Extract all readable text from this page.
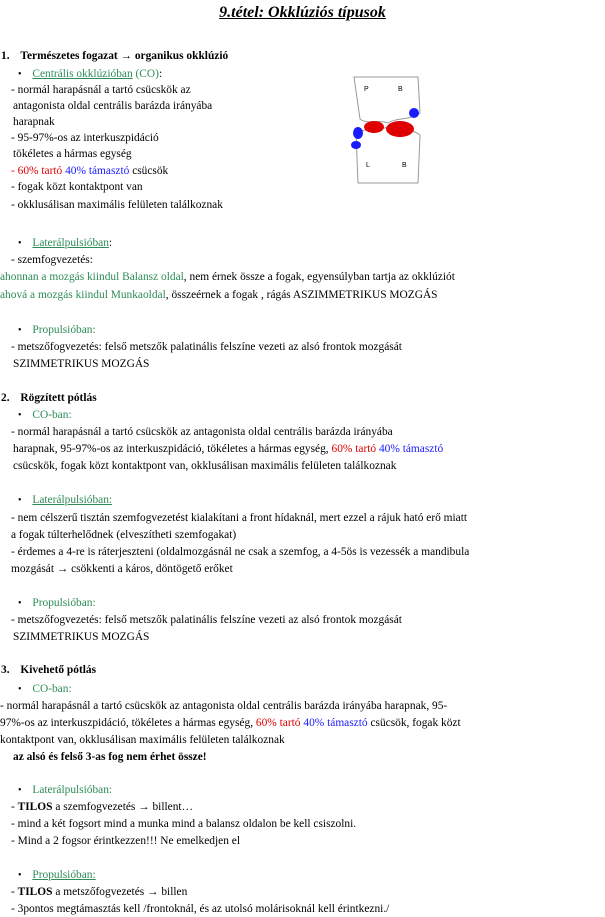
9.tétel: Okklúziós típusok
1. Természetes fogazat → organikus okklúzió
• Centrális okklúzióban (CO):
- normál harapásnál a tartó csücskök az
antagonista oldal centrális barázda irányába
harapnak
- 95-97%-os az interkuszpidáció
tökéletes a hármas egység
- 60% tartó 40% támasztó csücsök
- fogak közt kontaktpont van
- okklusálisan maximális felületen találkoznak
P	B
L	B
• Laterálpulsióban:
- szemfogvezetés:
ahonnan a mozgás kiindul Balansz oldal, nem érnek össze a fogak, egyensúlyban tartja az okklúziót
ahová a mozgás kiindul Munkaoldal, összeérnek a fogak , rágás ASZIMMETRIKUS MOZGÁS
• Propulsióban:
- metszőfogvezetés: felső metszők palatinális felszíne vezeti az alsó frontok mozgását
SZIMMETRIKUS MOZGÁS
2. Rögzített pótlás
• CO-ban:
- normál harapásnál a tartó csücskök az antagonista oldal centrális barázda irányába
harapnak, 95-97%-os az interkuszpidáció, tökéletes a hármas egység, 60% tartó 40% támasztó
csücskök, fogak közt kontaktpont van, okklusálisan maximális felületen találkoznak
• Laterálpulsióban:
- nem célszerű tisztán szemfogvezetést kialakítani a front hídaknál, mert ezzel a rájuk ható erő miatt
a fogak túlterhelődnek (elveszítheti szemfogakat)
- érdemes a 4-re is ráterjeszteni (oldalmozgásnál ne csak a szemfog, a 4-5ös is vezessék a mandibula
mozgását → csökkenti a káros, döntögető erőket
• Propulsióban:
- metszőfogvezetés: felső metszők palatinális felszíne vezeti az alsó frontok mozgását
SZIMMETRIKUS MOZGÁS
3. Kivehető pótlás
• CO-ban:
- normál harapásnál a tartó csücskök az antagonista oldal centrális barázda irányába harapnak, 95-
97%-os az interkuszpidáció, tökéletes a hármas egység, 60% tartó 40% támasztó csücsök, fogak közt
kontaktpont van, okklusálisan maximális felületen találkoznak
az alsó és felső 3-as fog nem érhet össze!
• Laterálpulsióban:
- TILOS a szemfogvezetés → billent…
- mind a két fogsort mind a munka mind a balansz oldalon be kell csiszolni.
- Mind a 2 fogsor érintkezzen!!! Ne emelkedjen el
• Propulsióban:
- TILOS a metszőfogvezetés → billen
- 3pontos megtámasztás kell /frontoknál, és az utolsó molárisoknál kell érintkezni./
